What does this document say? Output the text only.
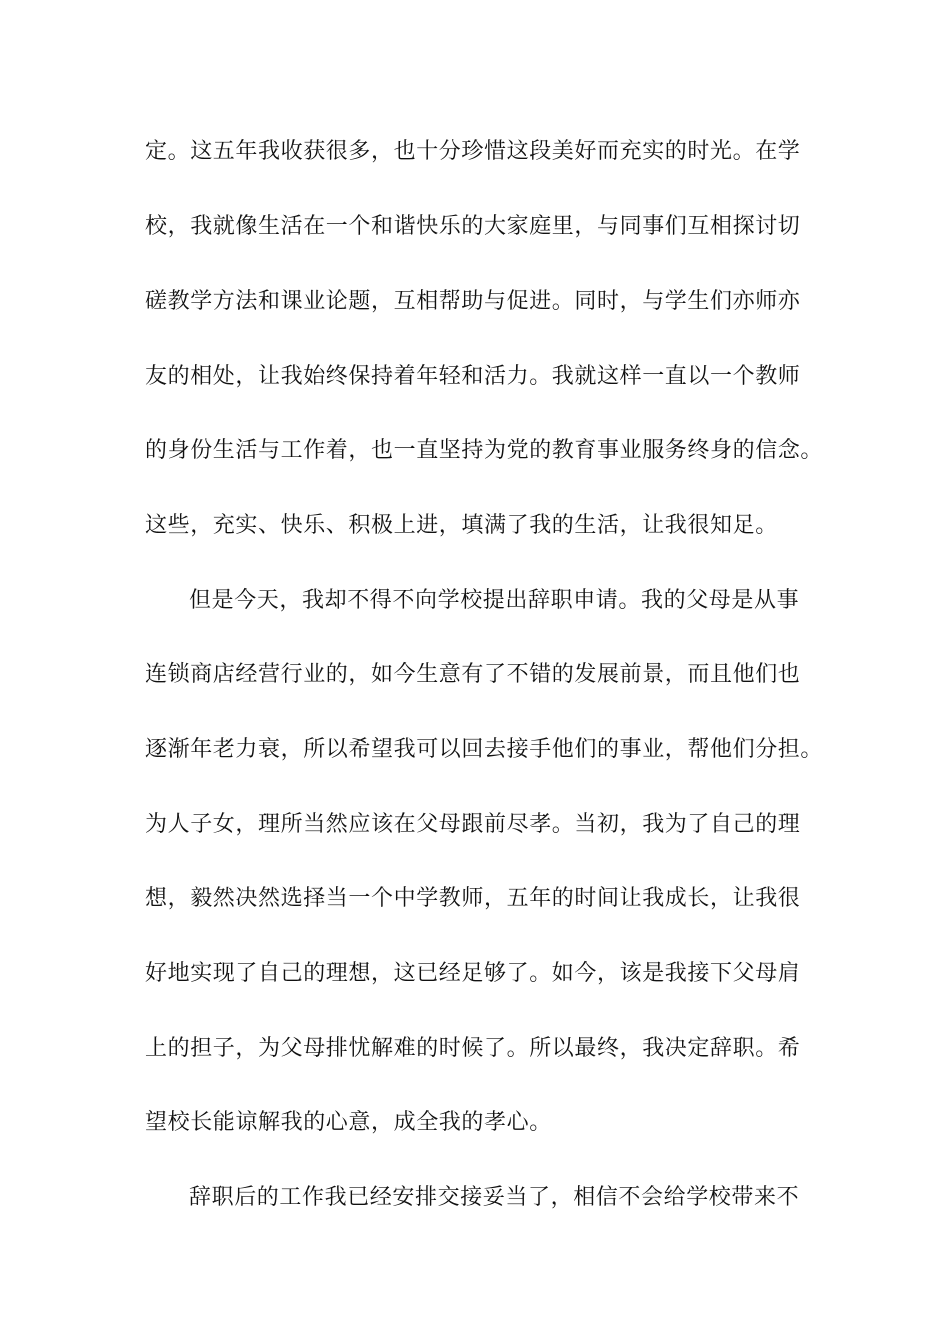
定。这五年我收获很多，也十分珍惜这段美好而充实的时光。在学
校，我就像生活在一个和谐快乐的大家庭里，与同事们互相探讨切
磋教学方法和课业论题，互相帮助与促进。同时，与学生们亦师亦
友的相处，让我始终保持着年轻和活力。我就这样一直以一个教师
的身份生活与工作着，也一直坚持为党的教育事业服务终身的信念。
这些，充实、快乐、积极上进，填满了我的生活，让我很知足。
但是今天，我却不得不向学校提出辞职申请。我的父母是从事
连锁商店经营行业的，如今生意有了不错的发展前景，而且他们也
逐渐年老力衰，所以希望我可以回去接手他们的事业，帮他们分担。
为人子女，理所当然应该在父母跟前尽孝。当初，我为了自己的理
想，毅然决然选择当一个中学教师，五年的时间让我成长，让我很
好地实现了自己的理想，这已经足够了。如今，该是我接下父母肩
上的担子，为父母排忧解难的时候了。所以最终，我决定辞职。希
望校长能谅解我的心意，成全我的孝心。
辞职后的工作我已经安排交接妥当了，相信不会给学校带来不
